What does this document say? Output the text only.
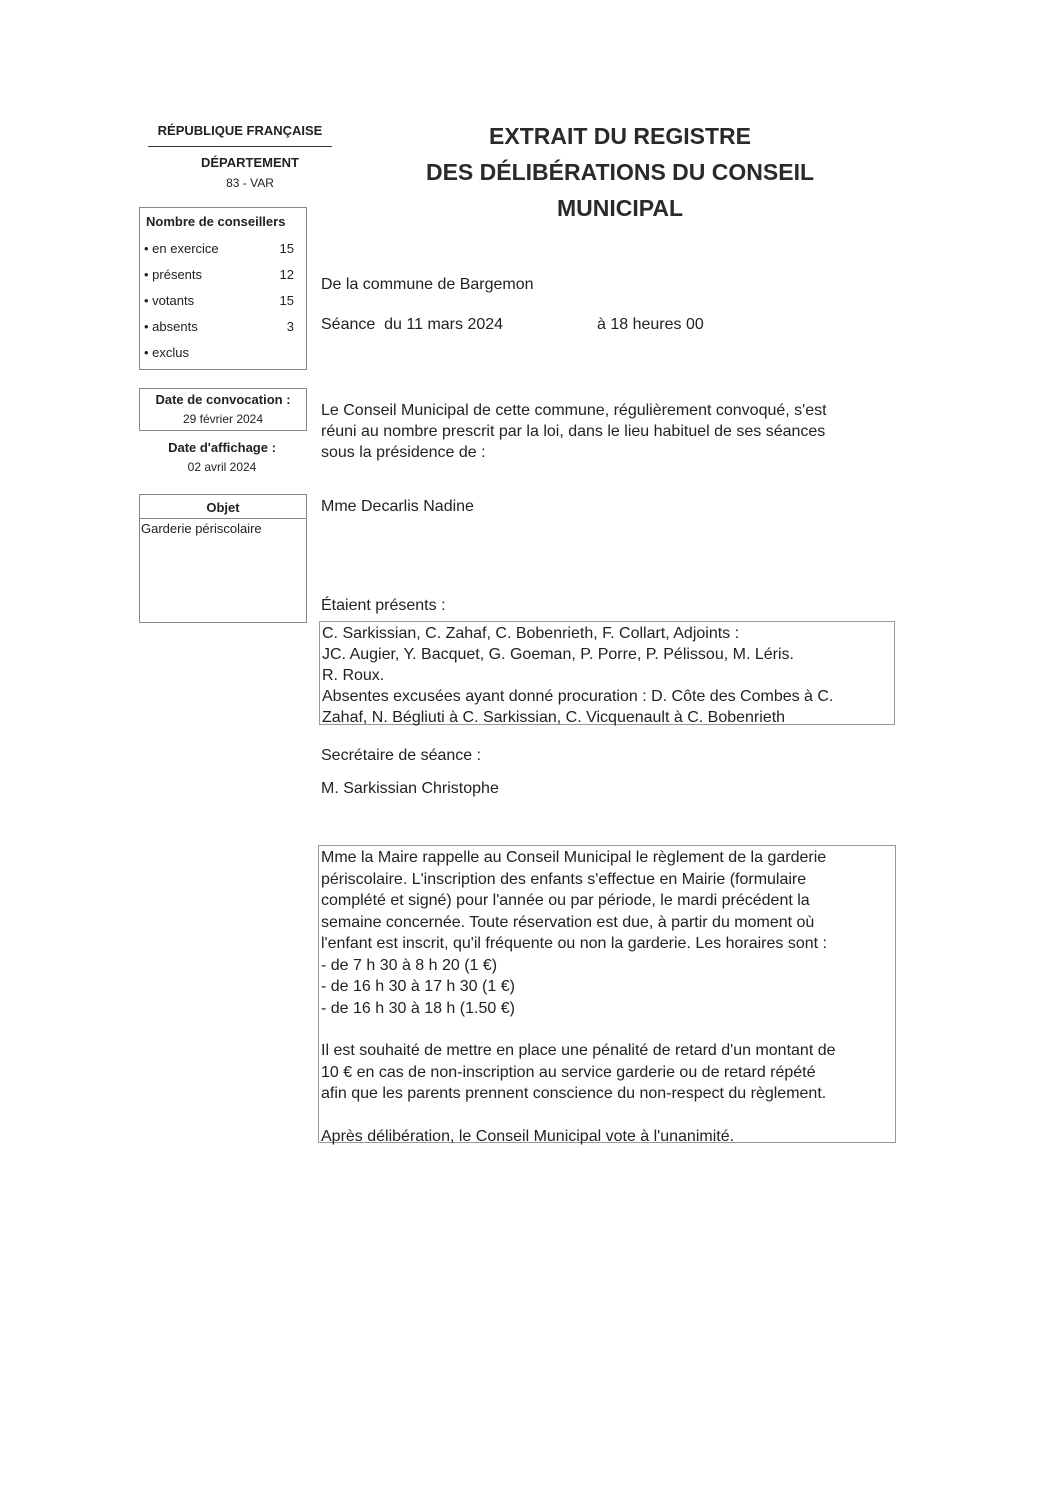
RÉPUBLIQUE FRANÇAISE
DÉPARTEMENT
83 - VAR
Nombre de conseillers
• en exercice	15
• présents	12
• votants	15
• absents	3
• exclus
Date de convocation :
29 février 2024
Date d'affichage :
02 avril 2024
Objet
Garderie périscolaire
EXTRAIT DU REGISTRE
DES DÉLIBÉRATIONS DU CONSEIL
MUNICIPAL
De la commune de Bargemon
Séance  du 11 mars 2024	à 18 heures 00
Le Conseil Municipal de cette commune, régulièrement convoqué, s'est
réuni au nombre prescrit par la loi, dans le lieu habituel de ses séances
sous la présidence de :
Mme Decarlis Nadine
Étaient présents :
C. Sarkissian, C. Zahaf, C. Bobenrieth, F. Collart, Adjoints :
JC. Augier, Y. Bacquet, G. Goeman, P. Porre, P. Pélissou, M. Léris.
R. Roux.
Absentes excusées ayant donné procuration : D. Côte des Combes à C.
Zahaf, N. Bégliuti à C. Sarkissian, C. Vicquenault à C. Bobenrieth
Secrétaire de séance :
M. Sarkissian Christophe
Mme la Maire rappelle au Conseil Municipal le règlement de la garderie
périscolaire. L'inscription des enfants s'effectue en Mairie (formulaire
complété et signé) pour l'année ou par période, le mardi précédent la
semaine concernée. Toute réservation est due, à partir du moment où
l'enfant est inscrit, qu'il fréquente ou non la garderie. Les horaires sont :
- de 7 h 30 à 8 h 20 (1 €)
- de 16 h 30 à 17 h 30 (1 €)
- de 16 h 30 à 18 h (1.50 €)
Il est souhaité de mettre en place une pénalité de retard d'un montant de
10 € en cas de non-inscription au service garderie ou de retard répété
afin que les parents prennent conscience du non-respect du règlement.
Après délibération, le Conseil Municipal vote à l'unanimité.
